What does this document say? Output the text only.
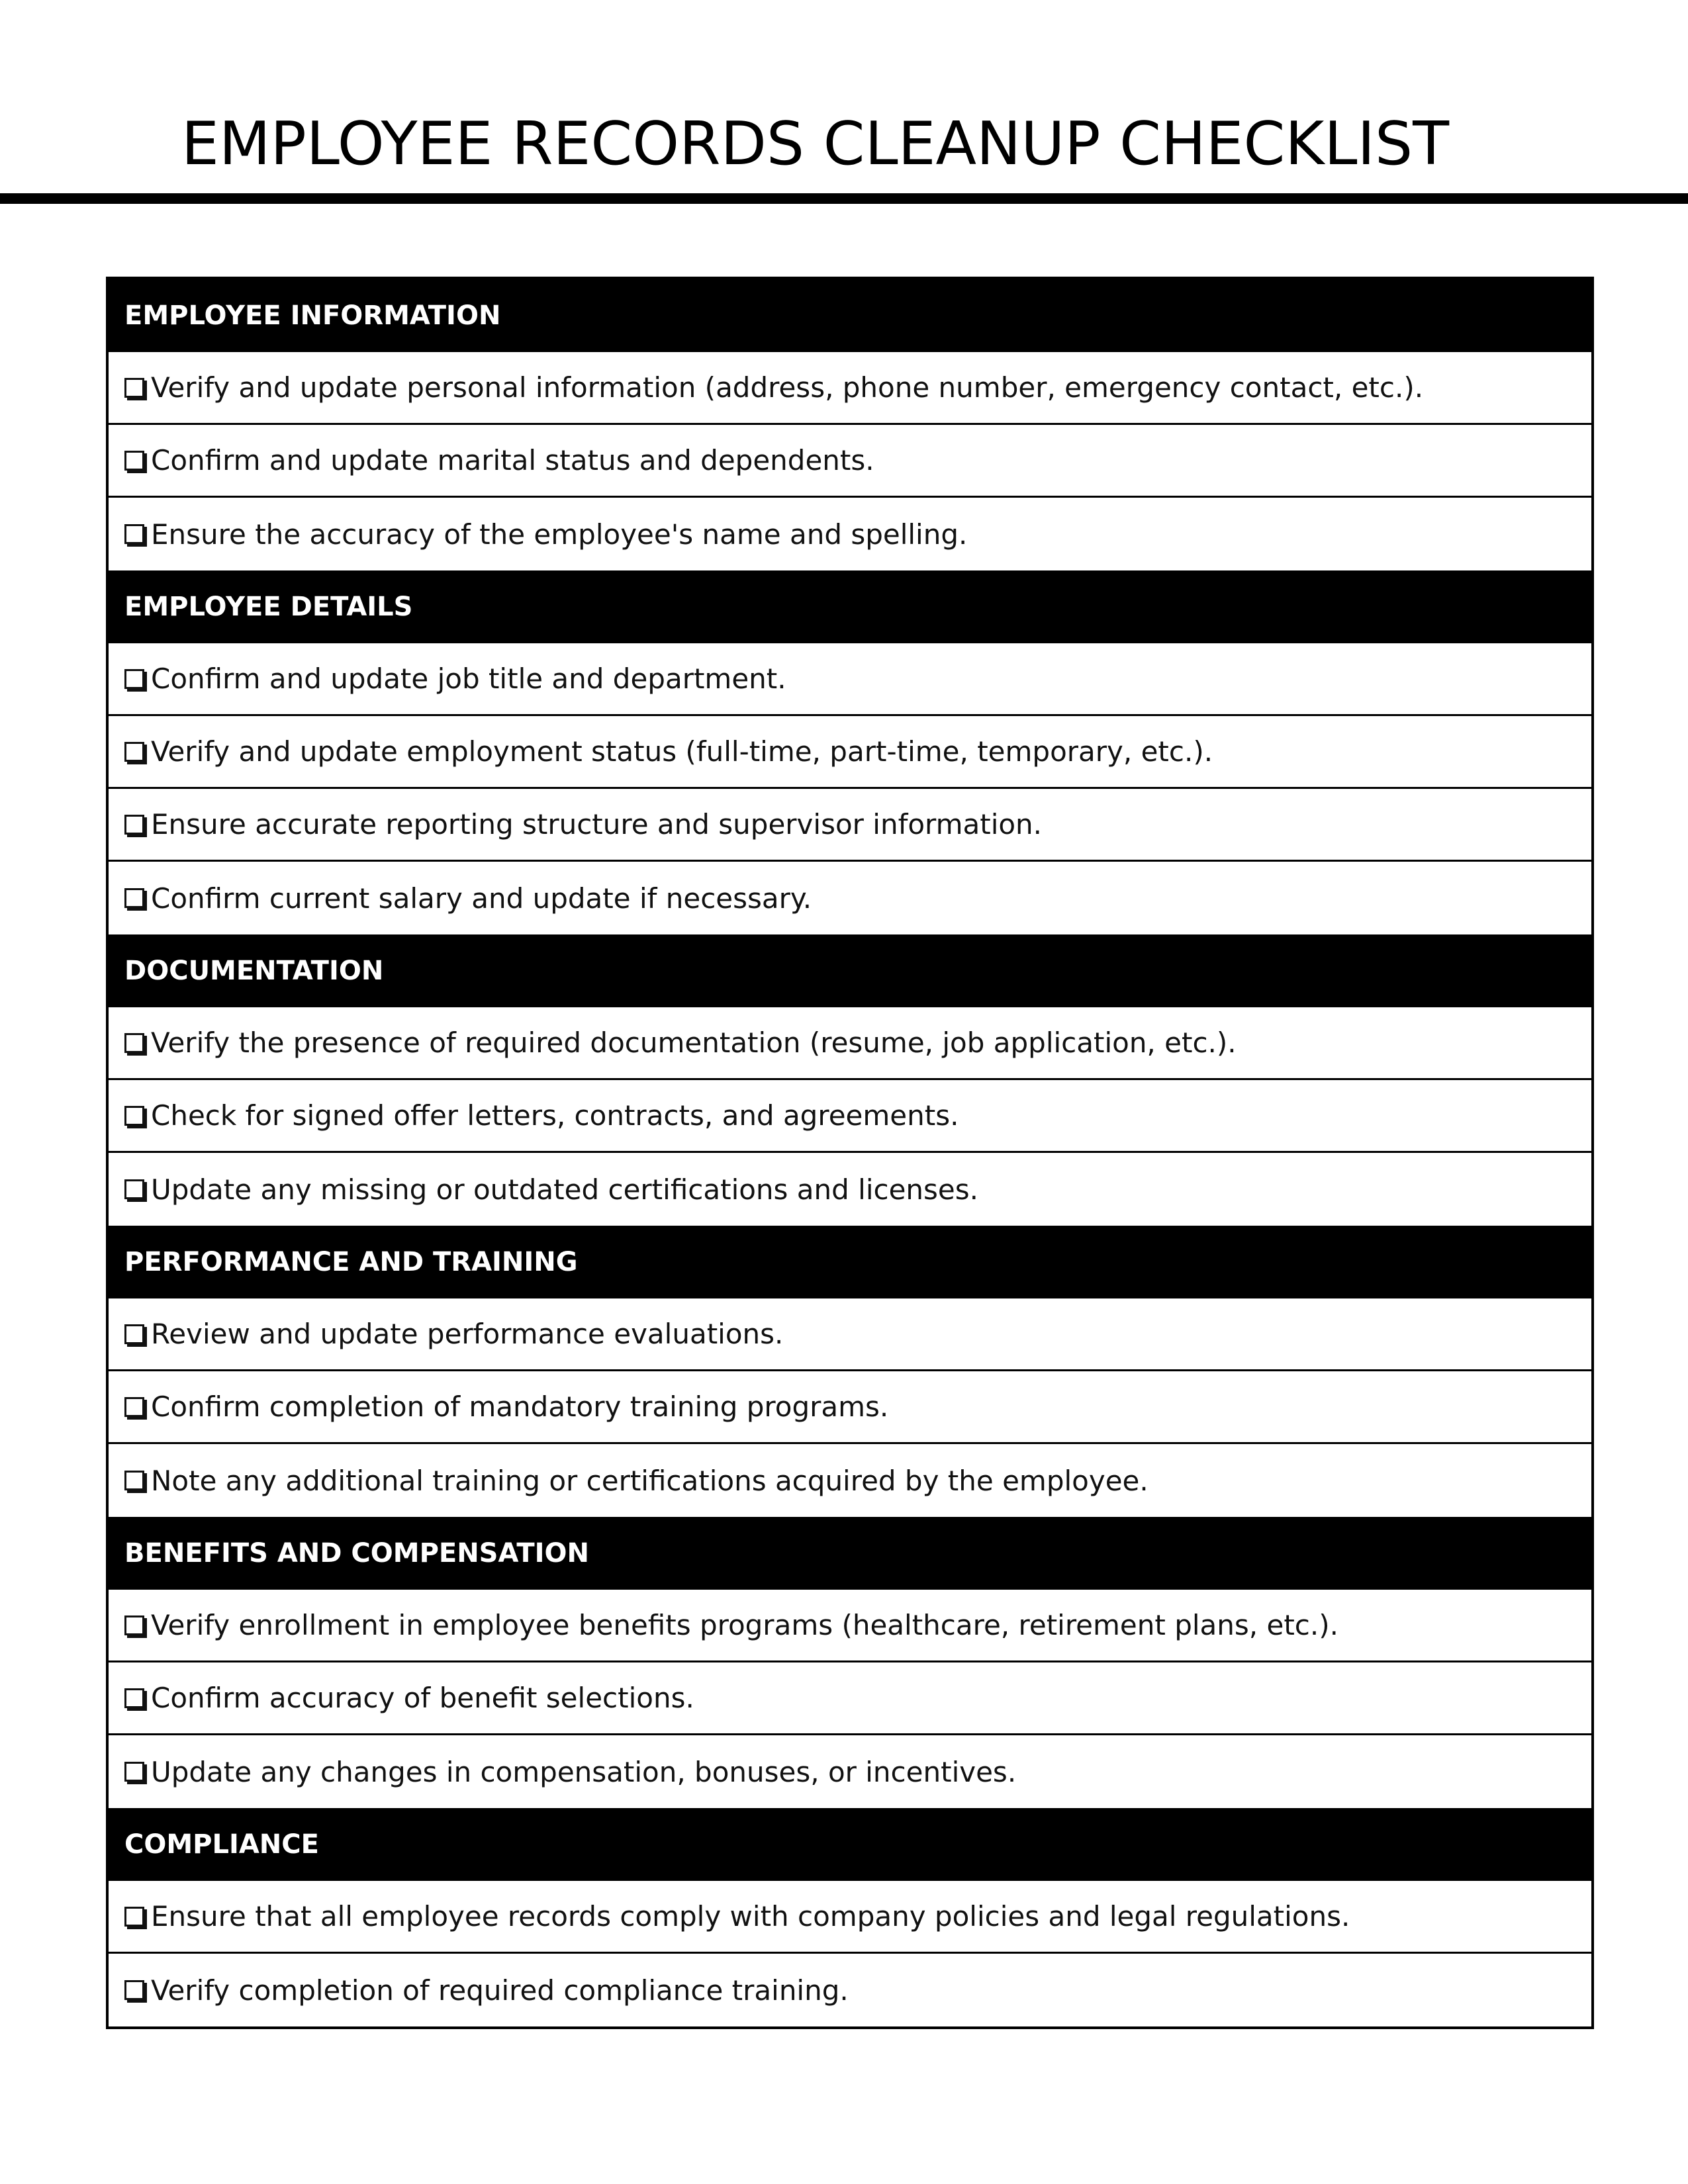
EMPLOYEE RECORDS CLEANUP CHECKLIST
EMPLOYEE INFORMATION
Verify and update personal information (address, phone number, emergency contact, etc.).
Confirm and update marital status and dependents.
Ensure the accuracy of the employee's name and spelling.
EMPLOYEE DETAILS
Confirm and update job title and department.
Verify and update employment status (full-time, part-time, temporary, etc.).
Ensure accurate reporting structure and supervisor information.
Confirm current salary and update if necessary.
DOCUMENTATION
Verify the presence of required documentation (resume, job application, etc.).
Check for signed offer letters, contracts, and agreements.
Update any missing or outdated certifications and licenses.
PERFORMANCE AND TRAINING
Review and update performance evaluations.
Confirm completion of mandatory training programs.
Note any additional training or certifications acquired by the employee.
BENEFITS AND COMPENSATION
Verify enrollment in employee benefits programs (healthcare, retirement plans, etc.).
Confirm accuracy of benefit selections.
Update any changes in compensation, bonuses, or incentives.
COMPLIANCE
Ensure that all employee records comply with company policies and legal regulations.
Verify completion of required compliance training.
